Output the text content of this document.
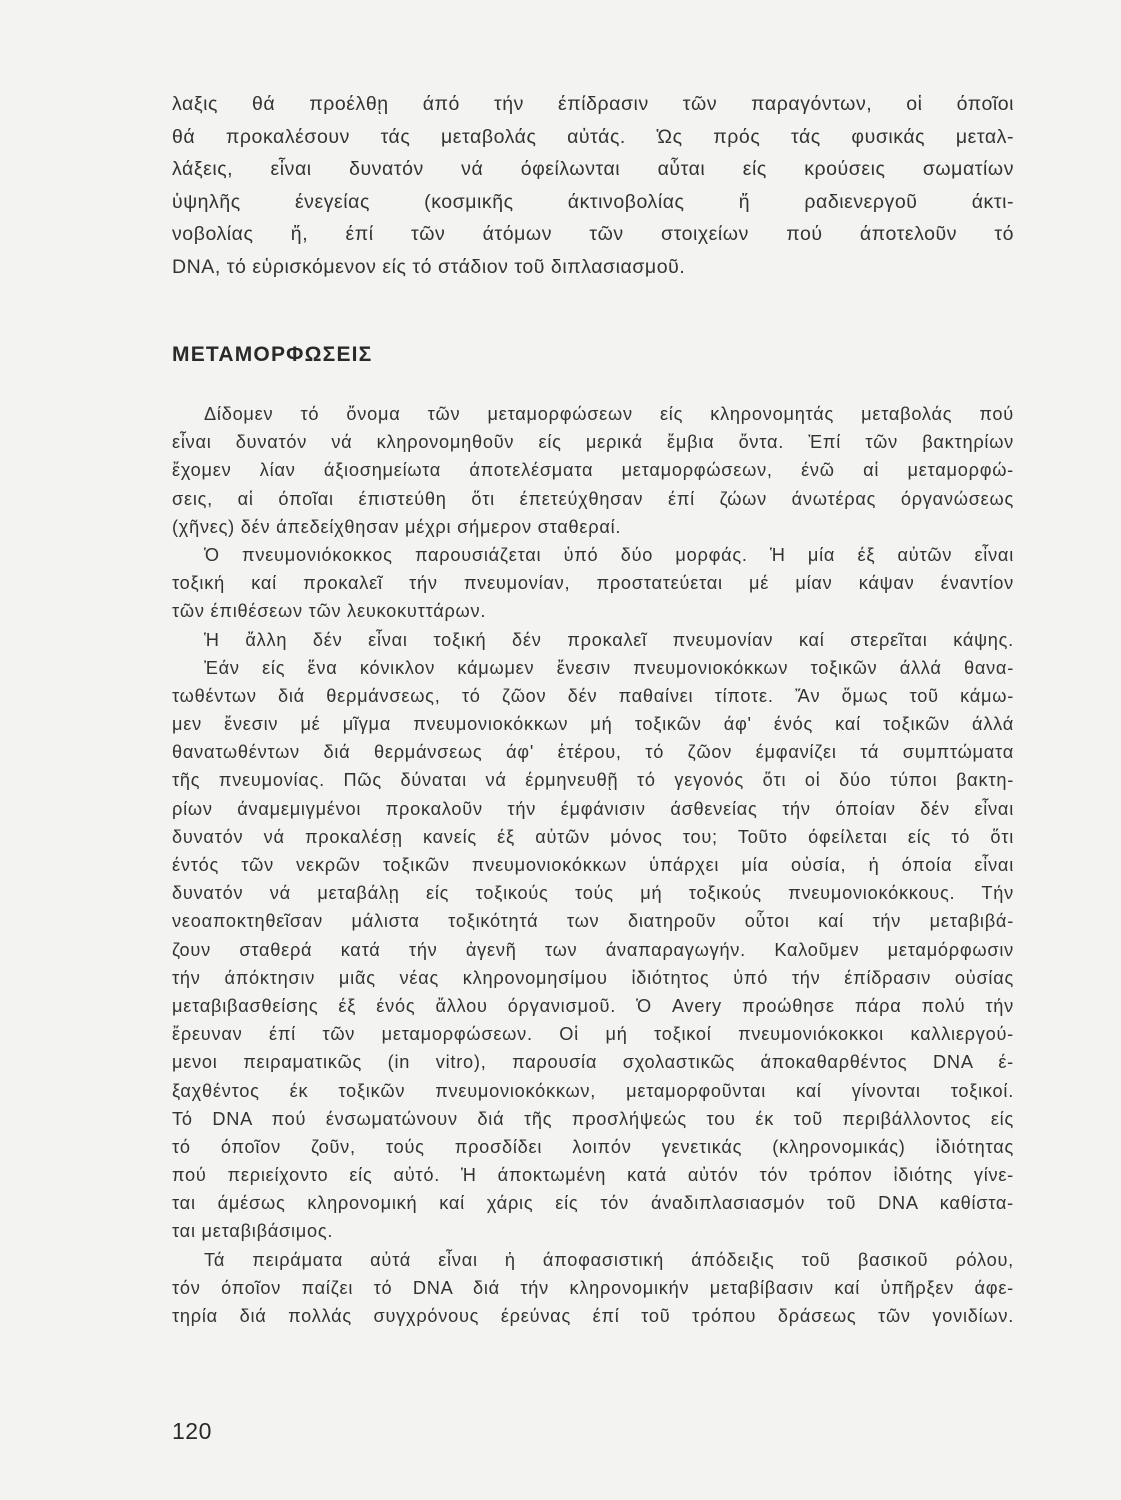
λαξις θά προέλθῃ άπό τήν έπίδρασιν τῶν παραγόντων, οἱ όποῖοι
θά προκαλέσουν τάς μεταβολάς αὐτάς. Ὡς πρός τάς φυσικάς μεταλ-
λάξεις, εἶναι δυνατόν νά όφείλωνται αὗται είς κρούσεις σωματίων
ὑψηλῆς ένεγείας (κοσμικῆς άκτινοβολίας ἤ ραδιενεργοῦ άκτι-
νοβολίας ἤ, έπί τῶν άτόμων τῶν στοιχείων πού άποτελοῦν τό
DNA, τό εὑρισκόμενον είς τό στάδιον τοῦ διπλασιασμοῦ.
ΜΕΤΑΜΟΡΦΩΣΕΙΣ
Δίδομεν τό ὄνομα τῶν μεταμορφώσεων είς κληρονομητάς μεταβολάς πού
εἶναι δυνατόν νά κληρονομηθοῦν είς μερικά ἔμβια ὄντα. Ἐπί τῶν βακτηρίων
ἔχομεν λίαν άξιοσημείωτα άποτελέσματα μεταμορφώσεων, ένῶ αἱ μεταμορφώ-
σεις, αἱ όποῖαι έπιστεύθη ὅτι έπετεύχθησαν έπί ζώων άνωτέρας όργανώσεως
(χῆνες) δέν άπεδείχθησαν μέχρι σήμερον σταθεραί.
Ὁ πνευμονιόκοκκος παρουσιάζεται ὑπό δύο μορφάς. Ἡ μία έξ αὐτῶν εἶναι
τοξική καί προκαλεῖ τήν πνευμονίαν, προστατεύεται μέ μίαν κάψαν έναντίον
τῶν έπιθέσεων τῶν λευκοκυττάρων.
Ἡ ἄλλη δέν εἶναι τοξική δέν προκαλεῖ πνευμονίαν καί στερεῖται κάψης.
Ἐάν είς ἕνα κόνικλον κάμωμεν ἔνεσιν πνευμονιοκόκκων τοξικῶν άλλά θανα-
τωθέντων διά θερμάνσεως, τό ζῶον δέν παθαίνει τίποτε. Ἄν ὅμως τοῦ κάμω-
μεν ἔνεσιν μέ μῖγμα πνευμονιοκόκκων μή τοξικῶν άφ' ένός καί τοξικῶν άλλά
θανατωθέντων διά θερμάνσεως άφ' ἑτέρου, τό ζῶον έμφανίζει τά συμπτώματα
τῆς πνευμονίας. Πῶς δύναται νά έρμηνευθῇ τό γεγονός ὅτι οἱ δύο τύποι βακτη-
ρίων άναμεμιγμένοι προκαλοῦν τήν έμφάνισιν άσθενείας τήν όποίαν δέν εἶναι
δυνατόν νά προκαλέσῃ κανείς έξ αὐτῶν μόνος του; Τοῦτο όφείλεται είς τό ὅτι
έντός τῶν νεκρῶν τοξικῶν πνευμονιοκόκκων ὑπάρχει μία οὐσία, ἡ όποία εἶναι
δυνατόν νά μεταβάλῃ είς τοξικούς τούς μή τοξικούς πνευμονιοκόκκους. Τήν
νεοαποκτηθεῖσαν μάλιστα τοξικότητά των διατηροῦν οὗτοι καί τήν μεταβιβά-
ζουν σταθερά κατά τήν ἀγενῆ των άναπαραγωγήν. Καλοῦμεν μεταμόρφωσιν
τήν άπόκτησιν μιᾶς νέας κληρονομησίμου ἰδιότητος ὑπό τήν έπίδρασιν οὐσίας
μεταβιβασθείσης έξ ένός ἄλλου όργανισμοῦ. Ὁ Avery προώθησε πάρα πολύ τήν
ἔρευναν έπί τῶν μεταμορφώσεων. Οἱ μή τοξικοί πνευμονιόκοκκοι καλλιεργού-
μενοι πειραματικῶς (in vitro), παρουσία σχολαστικῶς άποκαθαρθέντος DNA έ-
ξαχθέντος έκ τοξικῶν πνευμονιοκόκκων, μεταμορφοῦνται καί γίνονται τοξικοί.
Τό DNA πού ένσωματώνουν διά τῆς προσλήψεώς του έκ τοῦ περιβάλλοντος είς
τό όποῖον ζοῦν, τούς προσδίδει λοιπόν γενετικάς (κληρονομικάς) ἰδιότητας
πού περιείχοντο είς αὐτό. Ἡ άποκτωμένη κατά αὐτόν τόν τρόπον ἰδιότης γίνε-
ται άμέσως κληρονομική καί χάρις είς τόν άναδιπλασιασμόν τοῦ DNA καθίστα-
ται μεταβιβάσιμος.
Τά πειράματα αὐτά εἶναι ἡ άποφασιστική άπόδειξις τοῦ βασικοῦ ρόλου,
τόν όποῖον παίζει τό DNA διά τήν κληρονομικήν μεταβίβασιν καί ὑπῆρξεν άφε-
τηρία διά πολλάς συγχρόνους έρεύνας έπί τοῦ τρόπου δράσεως τῶν γονιδίων.
120
